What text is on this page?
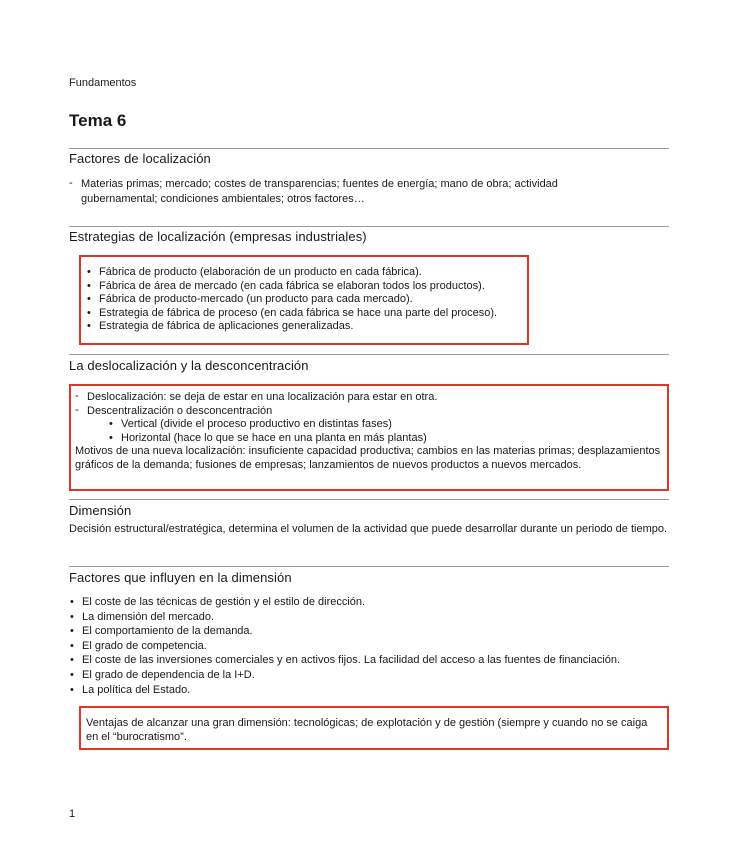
Fundamentos
Tema 6
Factores de localización
- Materias primas; mercado; costes de transparencias; fuentes de energía; mano de obra; actividad gubernamental; condiciones ambientales; otros factores…
Estrategias de localización (empresas industriales)
• Fábrica de producto (elaboración de un producto en cada fábrica).
• Fábrica de área de mercado (en cada fábrica se elaboran todos los productos).
• Fábrica de producto-mercado (un producto para cada mercado).
• Estrategia de fábrica de proceso (en cada fábrica se hace una parte del proceso).
• Estrategia de fábrica de aplicaciones generalizadas.
La deslocalización y la desconcentración
- Deslocalización: se deja de estar en una localización para estar en otra.
- Descentralización o desconcentración
• Vertical (divide el proceso productivo en distintas fases)
• Horizontal (hace lo que se hace en una planta en más plantas)
Motivos de una nueva localización: insuficiente capacidad productiva; cambios en las materias primas; desplazamientos gráficos de la demanda; fusiones de empresas; lanzamientos de nuevos productos a nuevos mercados.
Dimensión
Decisión estructural/estratégica, determina el volumen de la actividad que puede desarrollar durante un periodo de tiempo.
Factores que influyen en la dimensión
• El coste de las técnicas de gestión y el estilo de dirección.
• La dimensión del mercado.
• El comportamiento de la demanda.
• El grado de competencia.
• El coste de las inversiones comerciales y en activos fijos. La facilidad del acceso a las fuentes de financiación.
• El grado de dependencia de la I+D.
• La política del Estado.
Ventajas de alcanzar una gran dimensión: tecnológicas; de explotación y de gestión (siempre y cuando no se caiga en el “burocratismo”.
1
